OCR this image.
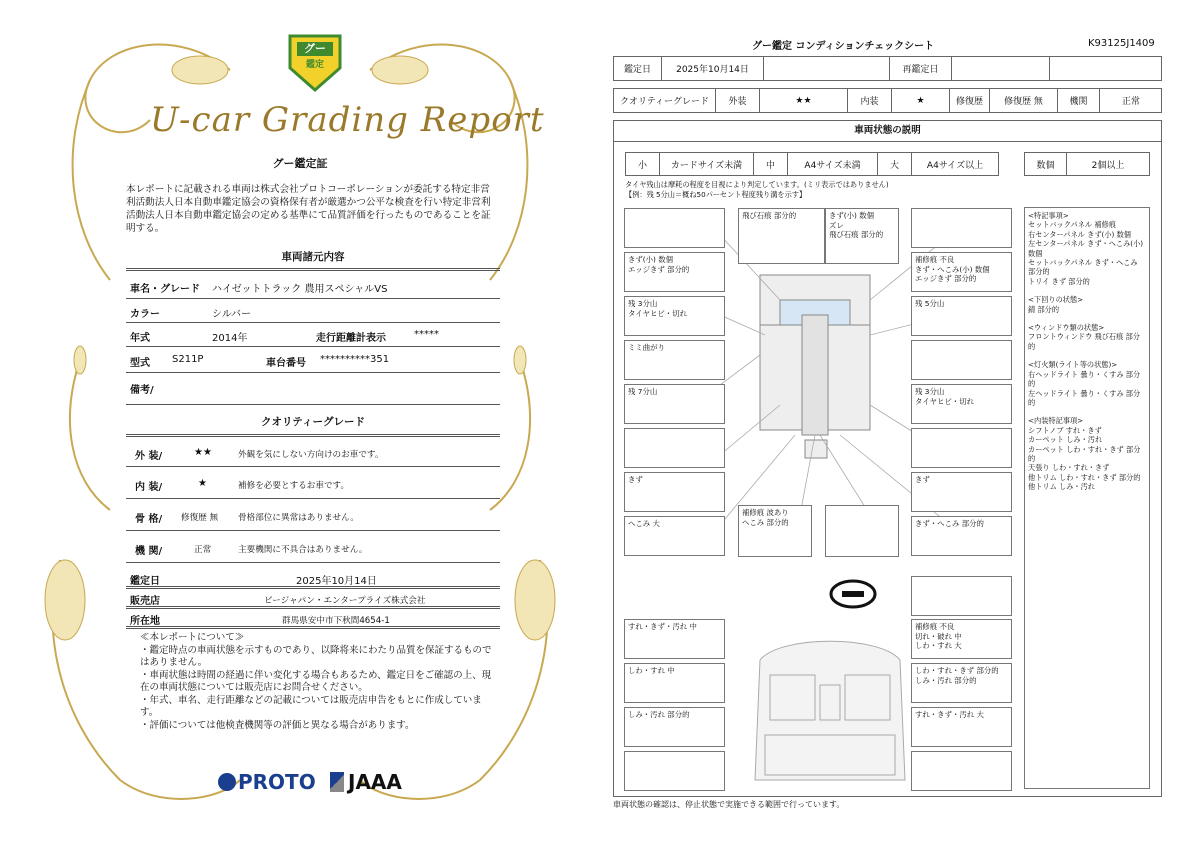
グー
鑑定
U-car Grading Report
グー鑑定証
本レポートに記載される車両は株式会社プロトコーポレーションが委託する特定非営利活動法人日本自動車鑑定協会の資格保有者が厳選かつ公平な検査を行い特定非営利活動法人日本自動車鑑定協会の定める基準にて品質評価を行ったものであることを証明する。
車両諸元内容
車名・グレード ハイゼットトラック 農用スペシャルVS
カラー	シルバー
年式	2014年	走行距離計表示	*****
型式 S211P	車台番号 **********351
備考/
クオリティーグレード
外 装/	★★	外観を気にしない方向けのお車です。
内 装/	★	補修を必要とするお車です。
骨 格/ 修復歴 無 骨格部位に異常はありません。
機 関/	正常	主要機関に不具合はありません。
鑑定日	2025年10月14日
販売店	ビージャパン・エンタープライズ株式会社
所在地	群馬県安中市下秋間4654-1
≪本レポートについて≫
・鑑定時点の車両状態を示すものであり、以降将来にわたり品質を保証するものではありません。
・車両状態は時間の経過に伴い変化する場合もあるため、鑑定日をご確認の上、現在の車両状態については販売店にお問合せください。
・年式、車名、走行距離などの記載については販売店申告をもとに作成しています。
・評価については他検査機関等の評価と異なる場合があります。
PROTO	JAAA
グー鑑定 コンディションチェックシート	K93125J1409
鑑定日	2025年10月14日	再鑑定日
クオリティーグレード	外装	★★	内装	★	修復歴	修復歴 無	機関	正常
車両状態の説明
小	カードサイズ未満	中	A4サイズ未満	大	A4サイズ以上	数個	2個以上
タイヤ残山は摩耗の程度を目視により判定しています。(ミリ表示ではありません)
【例：残 5分山＝概ね50パーセント程度残り溝を示す】
飛び石痕 部分的	きず(小) 数個
ズレ
飛び石痕 部分的
きず(小) 数個
エッジきず 部分的
補修痕 不良
きず・へこみ(小) 数個
エッジきず 部分的
残 3分山
タイヤヒビ・切れ
残 5分山
ミミ曲がり
残 7分山	残 3分山
タイヤヒビ・切れ
きず	きず
へこみ 大
補修痕 波あり
へこみ 部分的	きず・へこみ 部分的
すれ・きず・汚れ 中	補修痕 不良
切れ・破れ 中
しわ・すれ 大
しわ・すれ 中	しわ・すれ・きず 部分的
しみ・汚れ 部分的
しみ・汚れ 部分的	すれ・きず・汚れ 大
<特記事項>
セットバックパネル 補修痕
右センターパネル きず(小) 数個
左センターパネル きず・へこみ(小) 数個
セットバックパネル きず・へこみ 部分的
トリイ きず 部分的
<下回りの状態>
錆 部分的
<ウィンドウ類の状態>
フロントウィンドウ 飛び石痕 部分的
<灯火類(ライト等の状態)>
右ヘッドライト 曇り・くすみ 部分的
左ヘッドライト 曇り・くすみ 部分的
<内装特記事項>
シフトノブ すれ・きず
カーペット しみ・汚れ
カーペット しわ・すれ・きず 部分的
天張り しわ・すれ・きず
他トリム しわ・すれ・きず 部分的
他トリム しみ・汚れ
車両状態の確認は、停止状態で実施できる範囲で行っています。
